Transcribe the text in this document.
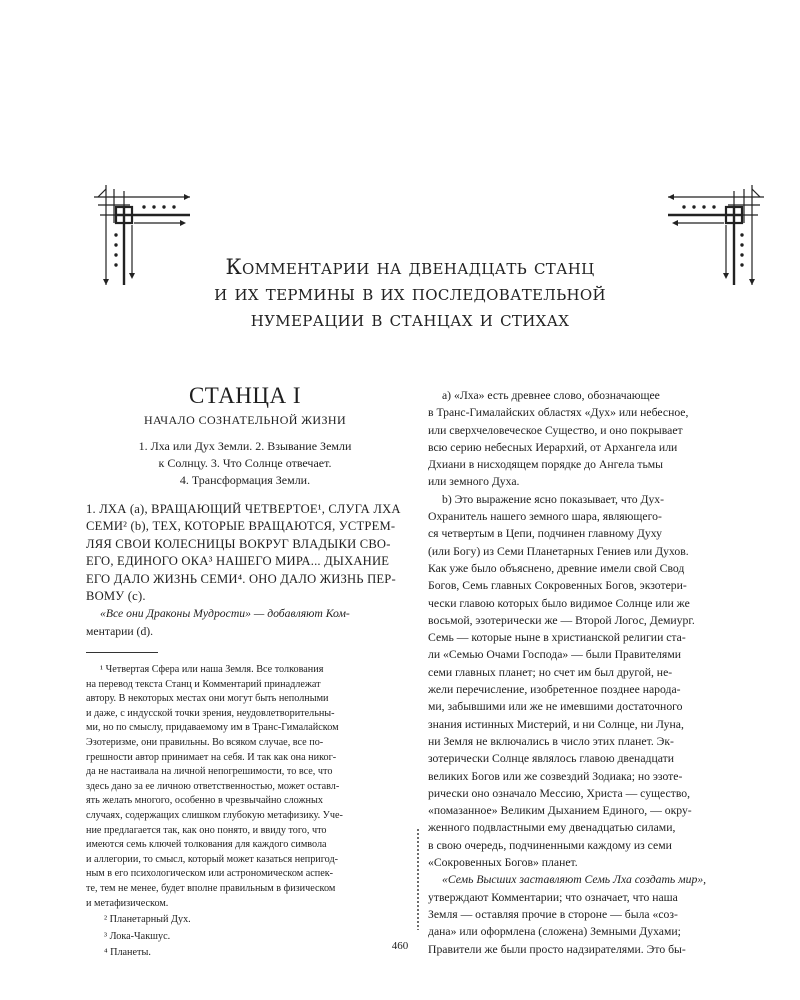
Комментарии на двенадцать станц
и их термины в их последовательной
нумерации в станцах и стихах
СТАНЦА I
НАЧАЛО СОЗНАТЕЛЬНОЙ ЖИЗНИ
1. Лха или Дух Земли. 2. Взывание Земли
к Солнцу. 3. Что Солнце отвечает.
4. Трансформация Земли.
1. ЛХА (a), ВРАЩАЮЩИЙ ЧЕТВЕРТОЕ¹, СЛУГА ЛХА
СЕМИ² (b), ТЕХ, КОТОРЫЕ ВРАЩАЮТСЯ, УСТРЕМ-
ЛЯЯ СВОИ КОЛЕСНИЦЫ ВОКРУГ ВЛАДЫКИ СВО-
ЕГО, ЕДИНОГО ОКА³ НАШЕГО МИРА... ДЫХАНИЕ
ЕГО ДАЛО ЖИЗНЬ СЕМИ⁴. ОНО ДАЛО ЖИЗНЬ ПЕР-
ВОМУ (c).
«Все они Драконы Мудрости» — добавляют Ком-
ментарии (d).
¹ Четвертая Сфера или наша Земля. Все толкования
на перевод текста Станц и Комментарий принадлежат
автору. В некоторых местах они могут быть неполными
и даже, с индусской точки зрения, неудовлетворительны-
ми, но по смыслу, придаваемому им в Транс-Гималайском
Эзотеризме, они правильны. Во всяком случае, все по-
грешности автор принимает на себя. И так как она никог-
да не настаивала на личной непогрешимости, то все, что
здесь дано за ее личною ответственностью, может оставл-
ять желать многого, особенно в чрезвычайно сложных
случаях, содержащих слишком глубокую метафизику. Уче-
ние предлагается так, как оно понято, и ввиду того, что
имеются семь ключей толкования для каждого символа
и аллегории, то смысл, который может казаться непригод-
ным в его психологическом или астрономическом аспек-
те, тем не менее, будет вполне правильным в физическом
и метафизическом.
² Планетарный Дух.
³ Лока-Чакшус.
⁴ Планеты.
a) «Лха» есть древнее слово, обозначающее
в Транс-Гималайских областях «Дух» или небесное,
или сверхчеловеческое Существо, и оно покрывает
всю серию небесных Иерархий, от Архангела или
Дхиани в нисходящем порядке до Ангела тьмы
или земного Духа.
b) Это выражение ясно показывает, что Дух-
Охранитель нашего земного шара, являющего-
ся четвертым в Цепи, подчинен главному Духу
(или Богу) из Семи Планетарных Гениев или Духов.
Как уже было объяснено, древние имели свой Свод
Богов, Семь главных Сокровенных Богов, экзотери-
чески главою которых было видимое Солнце или же
восьмой, эзотерически же — Второй Логос, Демиург.
Семь — которые ныне в христианской религии ста-
ли «Семью Очами Господа» — были Правителями
семи главных планет; но счет им был другой, не-
жели перечисление, изобретенное позднее народа-
ми, забывшими или же не имевшими достаточного
знания истинных Мистерий, и ни Солнце, ни Луна,
ни Земля не включались в число этих планет. Эк-
зотерически Солнце являлось главою двенадцати
великих Богов или же созвездий Зодиака; но эзоте-
рически оно означало Мессию, Христа — существо,
«помазанное» Великим Дыханием Единого, — окру-
женного подвластными ему двенадцатью силами,
в свою очередь, подчиненными каждому из семи
«Сокровенных Богов» планет.
«Семь Высших заставляют Семь Лха создать мир»,
утверждают Комментарии; что означает, что наша
Земля — оставляя прочие в стороне — была «соз-
дана» или оформлена (сложена) Земными Духами;
Правители же были просто надзирателями. Это бы-
460
